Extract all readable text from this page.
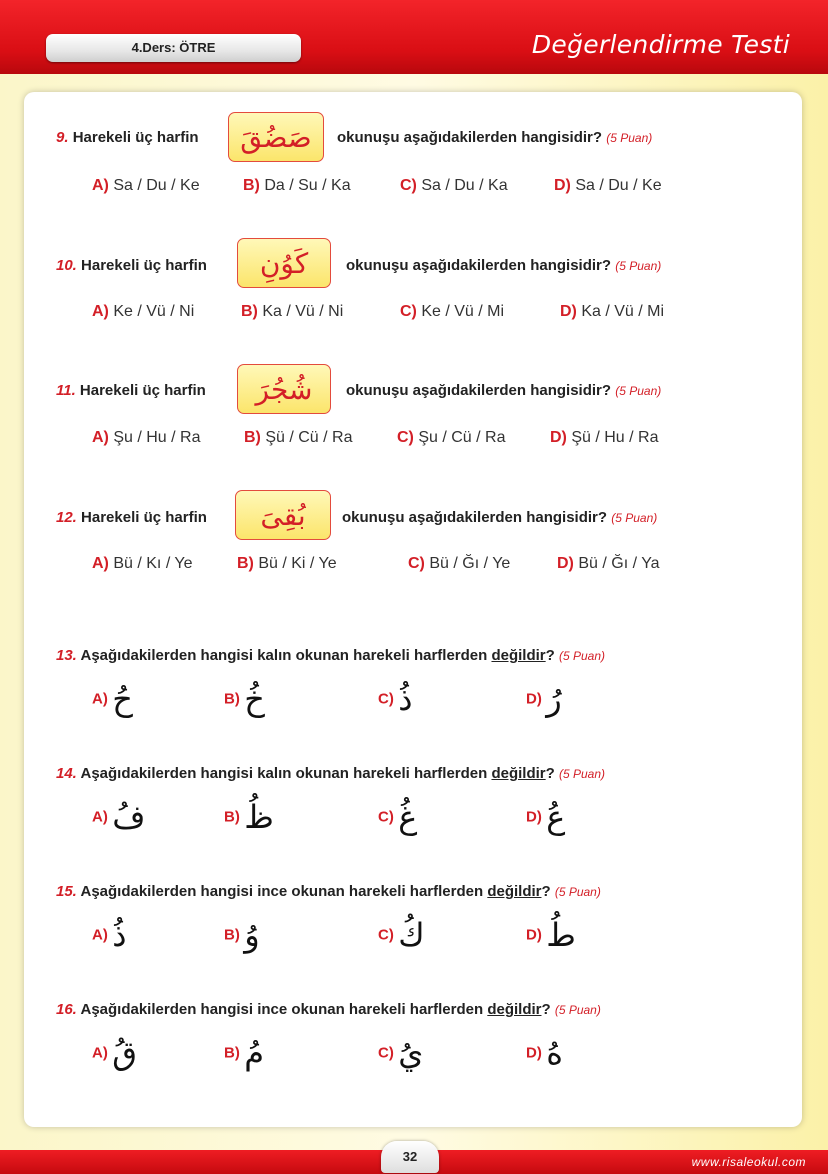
4.Ders: ÖTRE	Değerlendirme Testi
9. Harekeli üç harfin	صَضُقَ	okunuşu aşağıdakilerden hangisidir? (5 Puan)
A) Sa / Du / Ke	B) Da / Su / Ka	C) Sa / Du / Ka	D) Sa / Du / Ke
10. Harekeli üç harfin	كَوُنِ	okunuşu aşağıdakilerden hangisidir? (5 Puan)
A) Ke / Vü / Ni	B) Ka / Vü / Ni	C) Ke / Vü / Mi	D) Ka / Vü / Mi
11. Harekeli üç harfin	شُجُرَ	okunuşu aşağıdakilerden hangisidir? (5 Puan)
A) Şu / Hu / Ra	B) Şü / Cü / Ra	C) Şu / Cü / Ra	D) Şü / Hu / Ra
12. Harekeli üç harfin	بُقِىَ	okunuşu aşağıdakilerden hangisidir? (5 Puan)
A) Bü / Kı / Ye	B) Bü / Ki / Ye	C) Bü / Ğı / Ye	D) Bü / Ğı / Ya
13. Aşağıdakilerden hangisi kalın okunan harekeli harflerden değildir? (5 Puan)
A) حُ	B) خُ	C) ذُ	D) رُ
14. Aşağıdakilerden hangisi kalın okunan harekeli harflerden değildir? (5 Puan)
A) فُ	B) ظُ	C) غُ	D) عُ
15. Aşağıdakilerden hangisi ince okunan harekeli harflerden değildir? (5 Puan)
A) ذُ	B) وُ	C) كُ	D) طُ
16. Aşağıdakilerden hangisi ince okunan harekeli harflerden değildir? (5 Puan)
A) قُ	B) مُ	C) يُ	D) هُ
32	www.risaleokul.com
